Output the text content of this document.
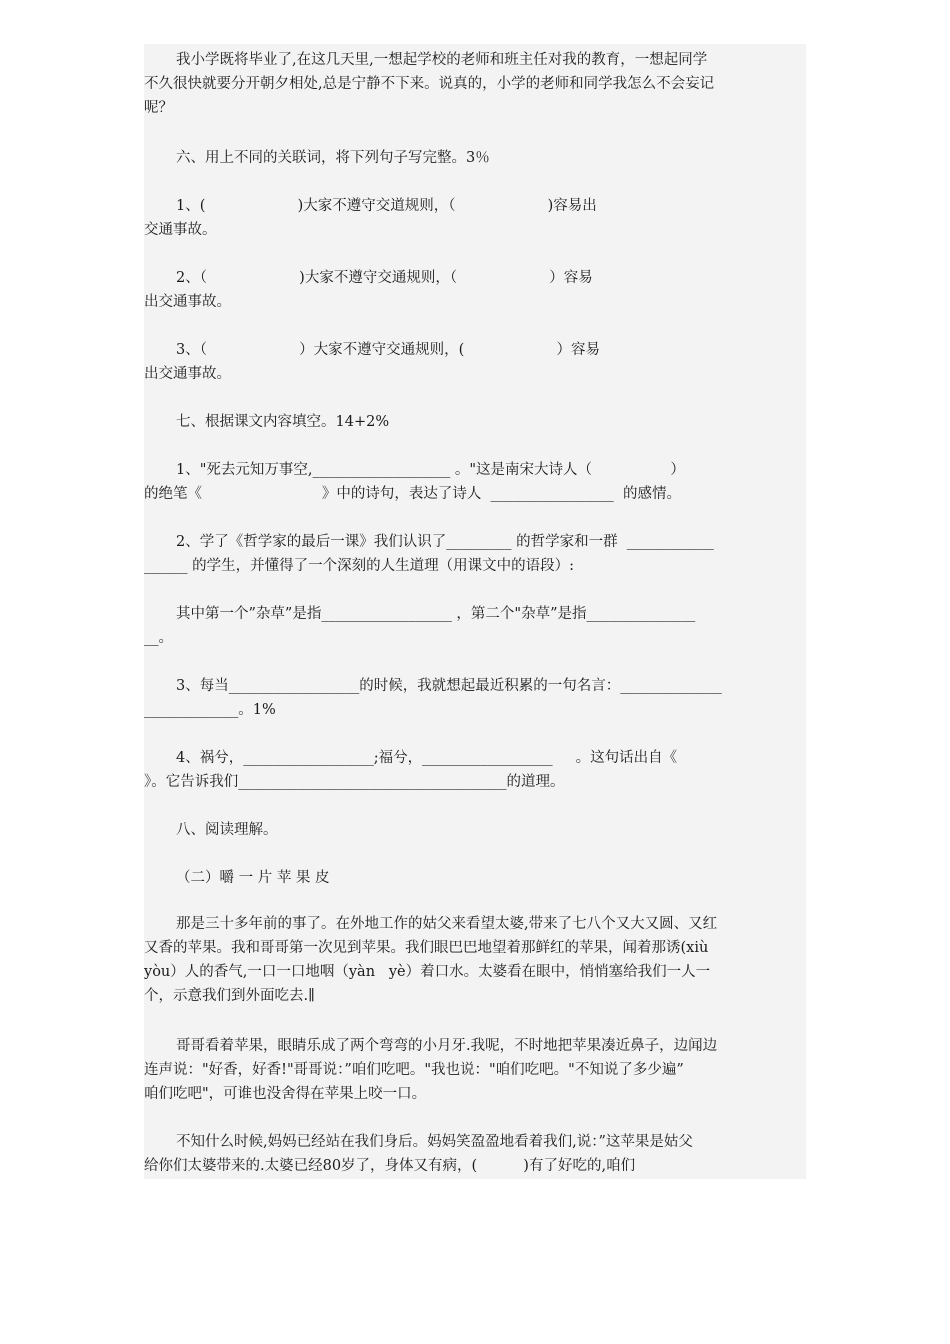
我小学既将毕业了,在这几天里,一想起学校的老师和班主任对我的教育，一想起同学
不久很快就要分开朝夕相处,总是宁静不下来。说真的，小学的老师和同学我怎么不会妄记
呢？
六、用上不同的关联词，将下列句子写完整。3％
1、(                    )大家不遵守交道规则，（                    )容易出
交通事故。
2、（                    )大家不遵守交通规则，（                    ）容易
出交通事故。
3、（                    ）大家不遵守交通规则，(                    ）容易
出交通事故。
七、根据课文内容填空。14+2%
1、"死去元知万事空,___________________ 。"这是南宋大诗人（                 ）
的绝笔《                          》中的诗句，表达了诗人  _________________  的感情。
2、学了《哲学家的最后一课》我们认识了_________ 的哲学家和一群  ____________
______ 的学生，并懂得了一个深刻的人生道理（用课文中的语段）:
其中第一个”杂草”是指__________________ ，第二个"杂草”是指_______________
__。
3、每当__________________的时候，我就想起最近积累的一句名言：______________
_____________。1%
4、祸兮，__________________;福兮，__________________     。这句话出自《
》。它告诉我们_____________________________________的道理。
八、阅读理解。
（二）嚼 一 片 苹 果 皮
那是三十多年前的事了。在外地工作的姑父来看望太婆,带来了七八个又大又圆、又红
又香的苹果。我和哥哥第一次见到苹果。我们眼巴巴地望着那鲜红的苹果，闻着那诱(xiù
yòu）人的香气,一口一口地咽（yàn   yè）着口水。太婆看在眼中，悄悄塞给我们一人一
个，示意我们到外面吃去.∥
哥哥看着苹果，眼睛乐成了两个弯弯的小月牙.我呢，不时地把苹果凑近鼻子，边闻边
连声说："好香，好香!"哥哥说：”咱们吃吧。"我也说："咱们吃吧。"不知说了多少遍”
咱们吃吧"，可谁也没舍得在苹果上咬一口。
不知什么时候,妈妈已经站在我们身后。妈妈笑盈盈地看着我们,说：”这苹果是姑父
给你们太婆带来的.太婆已经80岁了，身体又有病，(          )有了好吃的,咱们
